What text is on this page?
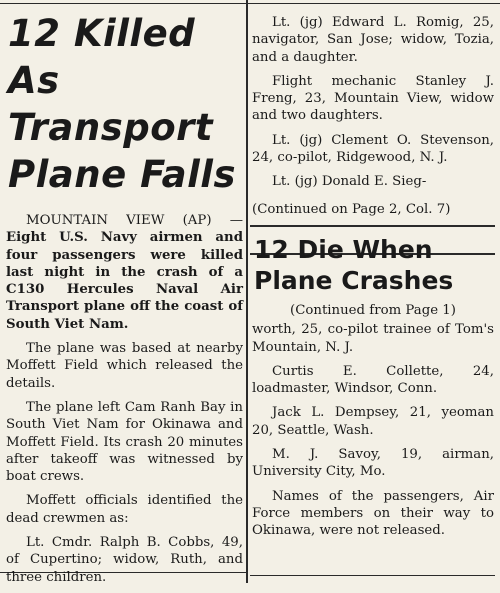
12 Killed As
Transport
Plane Falls

MOUNTAIN VIEW (AP) — Eight U.S. Navy airmen and four passengers were killed last night in the crash of a C130 Hercules Naval Air Transport plane off the coast of South Viet Nam.

The plane was based at nearby Moffett Field which released the details.

The plane left Cam Ranh Bay in South Viet Nam for Okinawa and Moffett Field. Its crash 20 minutes after takeoff was witnessed by boat crews.

Moffett officials identified the dead crewmen as:

Lt. Cmdr. Ralph B. Cobbs, 49, of Cupertino; widow, Ruth, and three children.

Lt. (jg) Edward L. Romig, 25, navigator, San Jose; widow, Tozia, and a daughter.

Flight mechanic Stanley J. Freng, 23, Mountain View, widow and two daughters.

Lt. (jg) Clement O. Stevenson, 24, co-pilot, Ridgewood, N. J.

Lt. (jg) Donald E. Sieg-

(Continued on Page 2, Col. 7)

12 Die When
Plane Crashes

(Continued from Page 1)

worth, 25, co-pilot trainee of Tom's Mountain, N. J.

Curtis E. Collette, 24, loadmaster, Windsor, Conn.

Jack L. Dempsey, 21, yeoman 20, Seattle, Wash.

M. J. Savoy, 19, airman, University City, Mo.

Names of the passengers, Air Force members on their way to Okinawa, were not released.
